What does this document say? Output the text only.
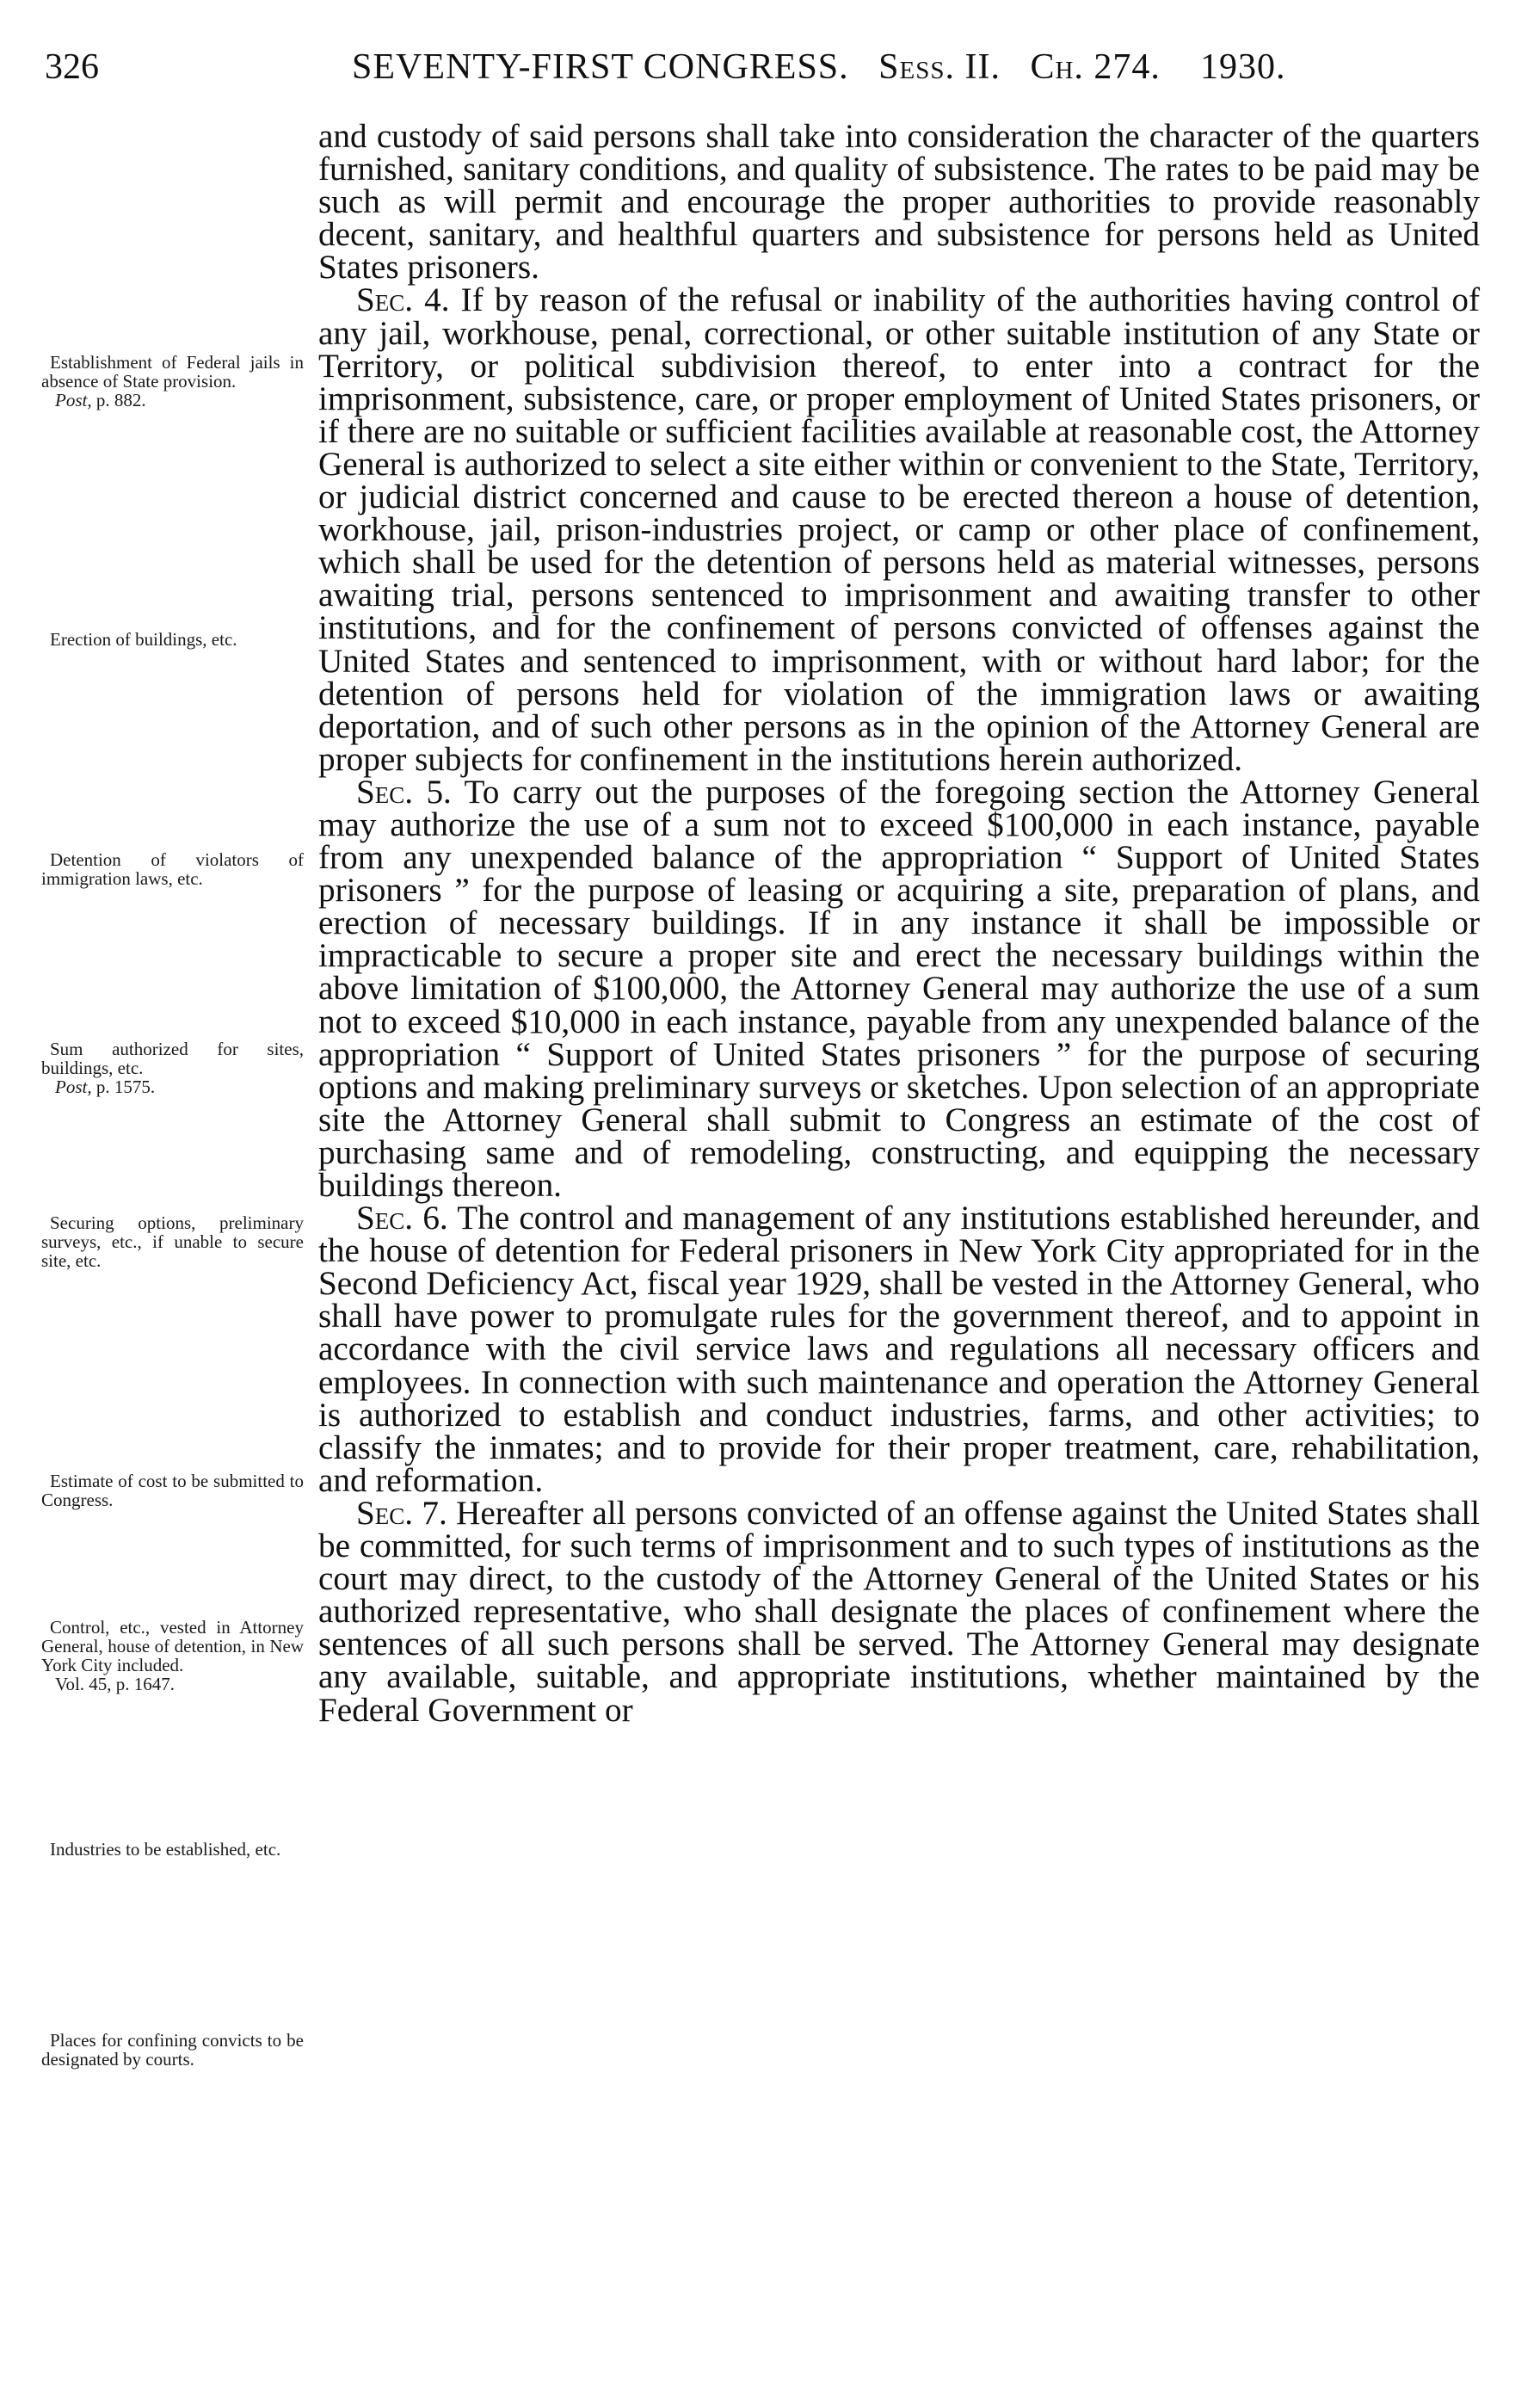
326	SEVENTY-FIRST CONGRESS. Sess. II. Ch. 274. 1930.
Establishment of Federal jails in absence of State provision.
Post, p. 882.
Erection of buildings, etc.
Detention of violators of immigration laws, etc.
Sum authorized for sites, buildings, etc.
Post, p. 1575.
Securing options, preliminary surveys, etc., if unable to secure site, etc.
Estimate of cost to be submitted to Congress.
Control, etc., vested in Attorney General, house of detention, in New York City included.
Vol. 45, p. 1647.
Industries to be established, etc.
Places for confining convicts to be designated by courts.

and custody of said persons shall take into consideration the character of the quarters furnished, sanitary conditions, and quality of subsistence. The rates to be paid may be such as will permit and encourage the proper authorities to provide reasonably decent, sanitary, and healthful quarters and subsistence for persons held as United States prisoners.

Sec. 4. If by reason of the refusal or inability of the authorities having control of any jail, workhouse, penal, correctional, or other suitable institution of any State or Territory, or political subdivision thereof, to enter into a contract for the imprisonment, subsistence, care, or proper employment of United States prisoners, or if there are no suitable or sufficient facilities available at reasonable cost, the Attorney General is authorized to select a site either within or convenient to the State, Territory, or judicial district concerned and cause to be erected thereon a house of detention, workhouse, jail, prison-industries project, or camp or other place of confinement, which shall be used for the detention of persons held as material witnesses, persons awaiting trial, persons sentenced to imprisonment and awaiting transfer to other institutions, and for the confinement of persons convicted of offenses against the United States and sentenced to imprisonment, with or without hard labor; for the detention of persons held for violation of the immigration laws or awaiting deportation, and of such other persons as in the opinion of the Attorney General are proper subjects for confinement in the institutions herein authorized.

Sec. 5. To carry out the purposes of the foregoing section the Attorney General may authorize the use of a sum not to exceed $100,000 in each instance, payable from any unexpended balance of the appropriation “ Support of United States prisoners ” for the purpose of leasing or acquiring a site, preparation of plans, and erection of necessary buildings. If in any instance it shall be impossible or impracticable to secure a proper site and erect the necessary buildings within the above limitation of $100,000, the Attorney General may authorize the use of a sum not to exceed $10,000 in each instance, payable from any unexpended balance of the appropriation “ Support of United States prisoners ” for the purpose of securing options and making preliminary surveys or sketches. Upon selection of an appropriate site the Attorney General shall submit to Congress an estimate of the cost of purchasing same and of remodeling, constructing, and equipping the necessary buildings thereon.

Sec. 6. The control and management of any institutions established hereunder, and the house of detention for Federal prisoners in New York City appropriated for in the Second Deficiency Act, fiscal year 1929, shall be vested in the Attorney General, who shall have power to promulgate rules for the government thereof, and to appoint in accordance with the civil service laws and regulations all necessary officers and employees. In connection with such maintenance and operation the Attorney General is authorized to establish and conduct industries, farms, and other activities; to classify the inmates; and to provide for their proper treatment, care, rehabilitation, and reformation.

Sec. 7. Hereafter all persons convicted of an offense against the United States shall be committed, for such terms of imprisonment and to such types of institutions as the court may direct, to the custody of the Attorney General of the United States or his authorized representative, who shall designate the places of confinement where the sentences of all such persons shall be served. The Attorney General may designate any available, suitable, and appropriate institutions, whether maintained by the Federal Government or
